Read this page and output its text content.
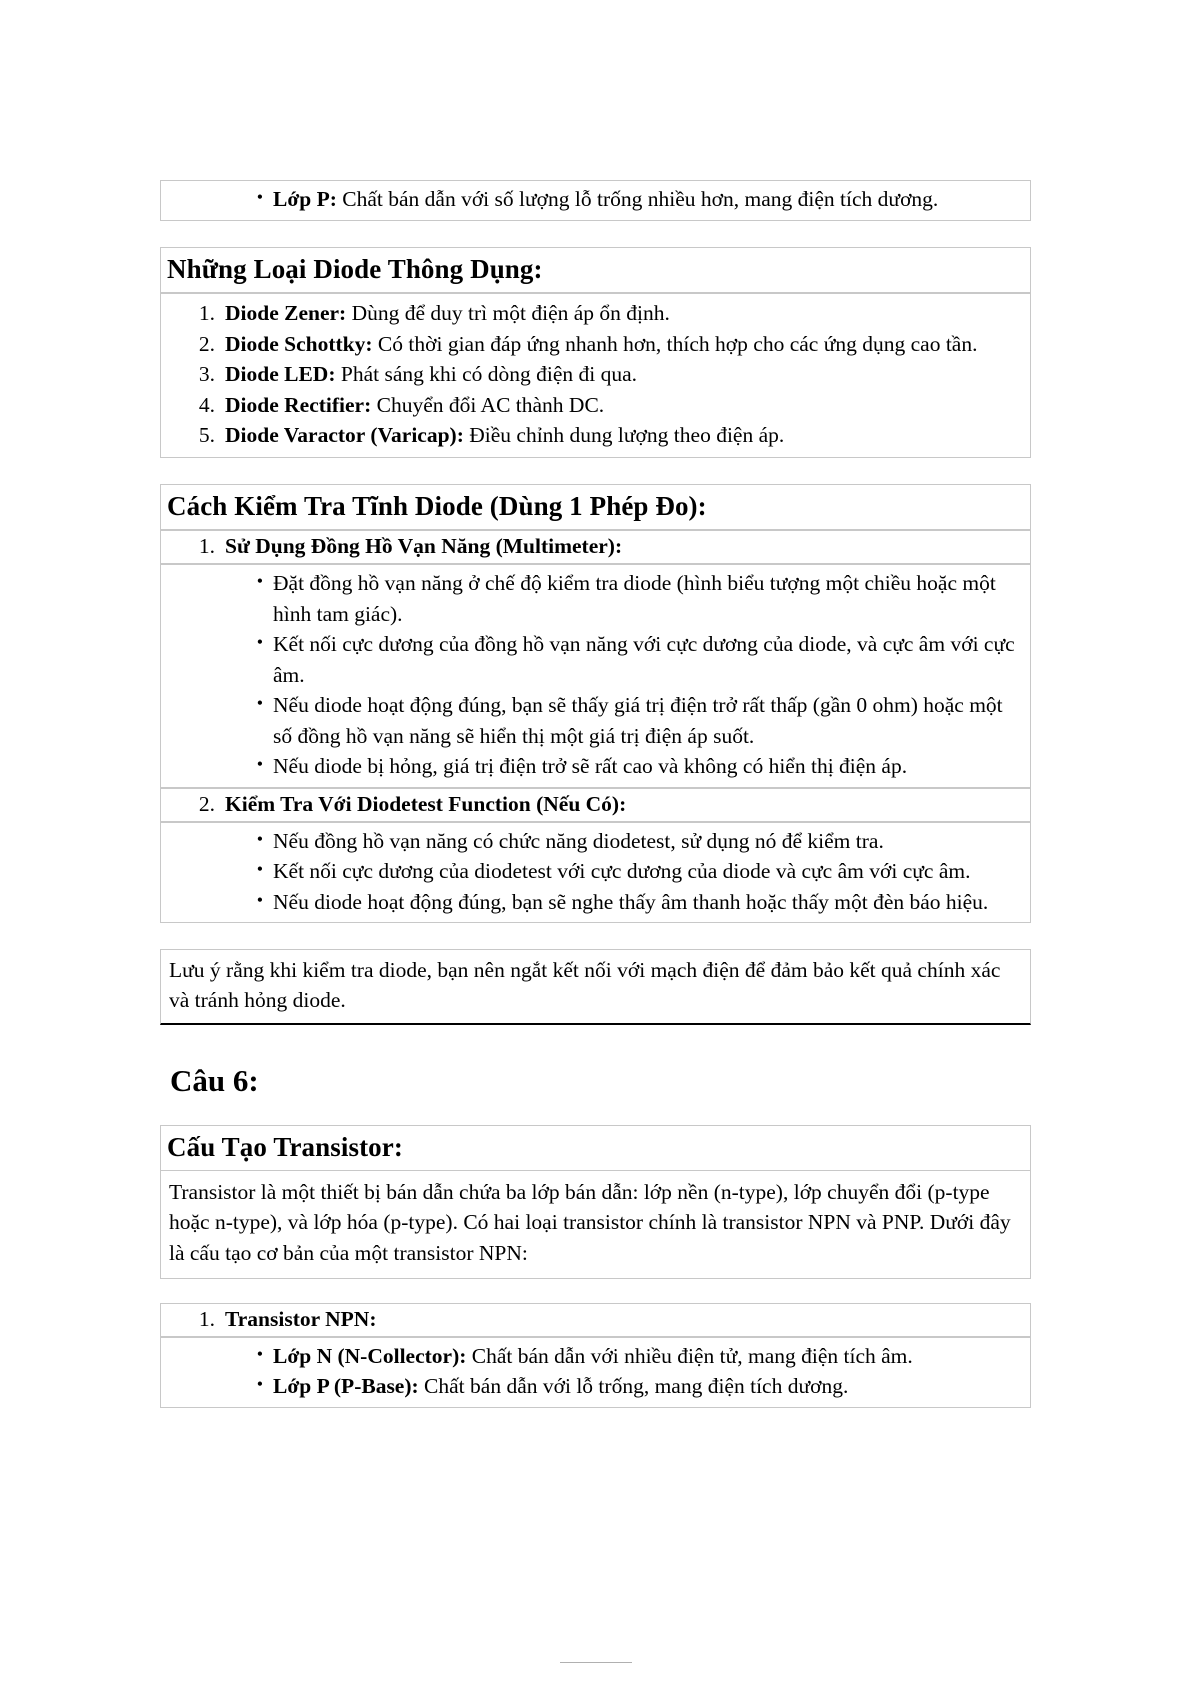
• Lớp P: Chất bán dẫn với số lượng lỗ trống nhiều hơn, mang điện tích dương.
Những Loại Diode Thông Dụng:
1. Diode Zener: Dùng để duy trì một điện áp ổn định.
2. Diode Schottky: Có thời gian đáp ứng nhanh hơn, thích hợp cho các ứng dụng cao tần.
3. Diode LED: Phát sáng khi có dòng điện đi qua.
4. Diode Rectifier: Chuyển đổi AC thành DC.
5. Diode Varactor (Varicap): Điều chỉnh dung lượng theo điện áp.
Cách Kiểm Tra Tĩnh Diode (Dùng 1 Phép Đo):
1. Sử Dụng Đồng Hồ Vạn Năng (Multimeter):
• Đặt đồng hồ vạn năng ở chế độ kiểm tra diode (hình biểu tượng một chiều hoặc một hình tam giác).
• Kết nối cực dương của đồng hồ vạn năng với cực dương của diode, và cực âm với cực âm.
• Nếu diode hoạt động đúng, bạn sẽ thấy giá trị điện trở rất thấp (gần 0 ohm) hoặc một số đồng hồ vạn năng sẽ hiển thị một giá trị điện áp suốt.
• Nếu diode bị hỏng, giá trị điện trở sẽ rất cao và không có hiển thị điện áp.
2. Kiểm Tra Với Diodetest Function (Nếu Có):
• Nếu đồng hồ vạn năng có chức năng diodetest, sử dụng nó để kiểm tra.
• Kết nối cực dương của diodetest với cực dương của diode và cực âm với cực âm.
• Nếu diode hoạt động đúng, bạn sẽ nghe thấy âm thanh hoặc thấy một đèn báo hiệu.

Lưu ý rằng khi kiểm tra diode, bạn nên ngắt kết nối với mạch điện để đảm bảo kết quả chính xác và tránh hỏng diode.

Câu 6:
Cấu Tạo Transistor:

Transistor là một thiết bị bán dẫn chứa ba lớp bán dẫn: lớp nền (n-type), lớp chuyển đổi (p-type hoặc n-type), và lớp hóa (p-type). Có hai loại transistor chính là transistor NPN và PNP. Dưới đây là cấu tạo cơ bản của một transistor NPN:

1. Transistor NPN:
• Lớp N (N-Collector): Chất bán dẫn với nhiều điện tử, mang điện tích âm.
• Lớp P (P-Base): Chất bán dẫn với lỗ trống, mang điện tích dương.
